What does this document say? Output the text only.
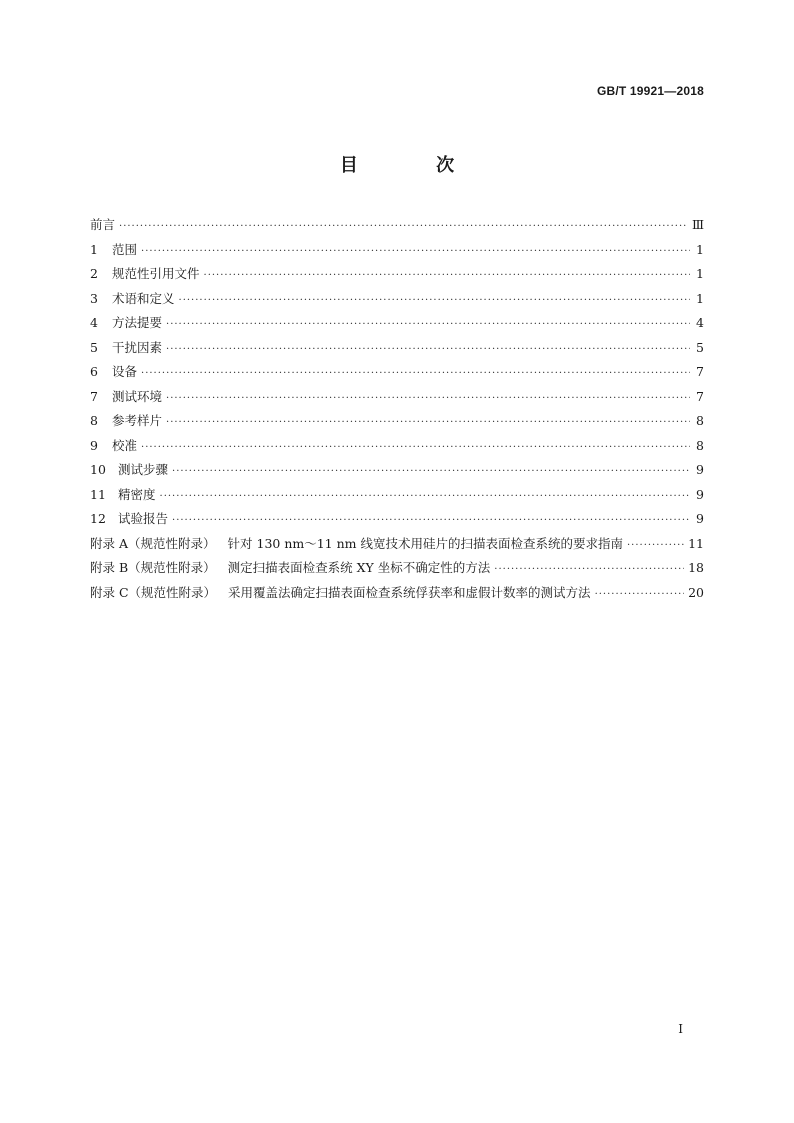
GB/T 19921—2018
目 次
前言 ·····	Ⅲ
1	范围 ·····	1
2	规范性引用文件 ·····	1
3	术语和定义 ·····	1
4	方法提要 ·····	4
5	干扰因素 ·····	5
6	设备 ·····	7
7	测试环境 ·····	7
8	参考样片 ·····	8
9	校准 ·····	8
10 测试步骤 ·····	9
11 精密度 ·····	9
12 试验报告 ·····	9
附录 A（规范性附录） 针对 130 nm～11 nm 线宽技术用硅片的扫描表面检查系统的要求指南 ·····	11
附录 B（规范性附录） 测定扫描表面检查系统 XY 坐标不确定性的方法 ·····	18
附录 C（规范性附录） 采用覆盖法确定扫描表面检查系统俘获率和虚假计数率的测试方法 ·····	20
Ⅰ
